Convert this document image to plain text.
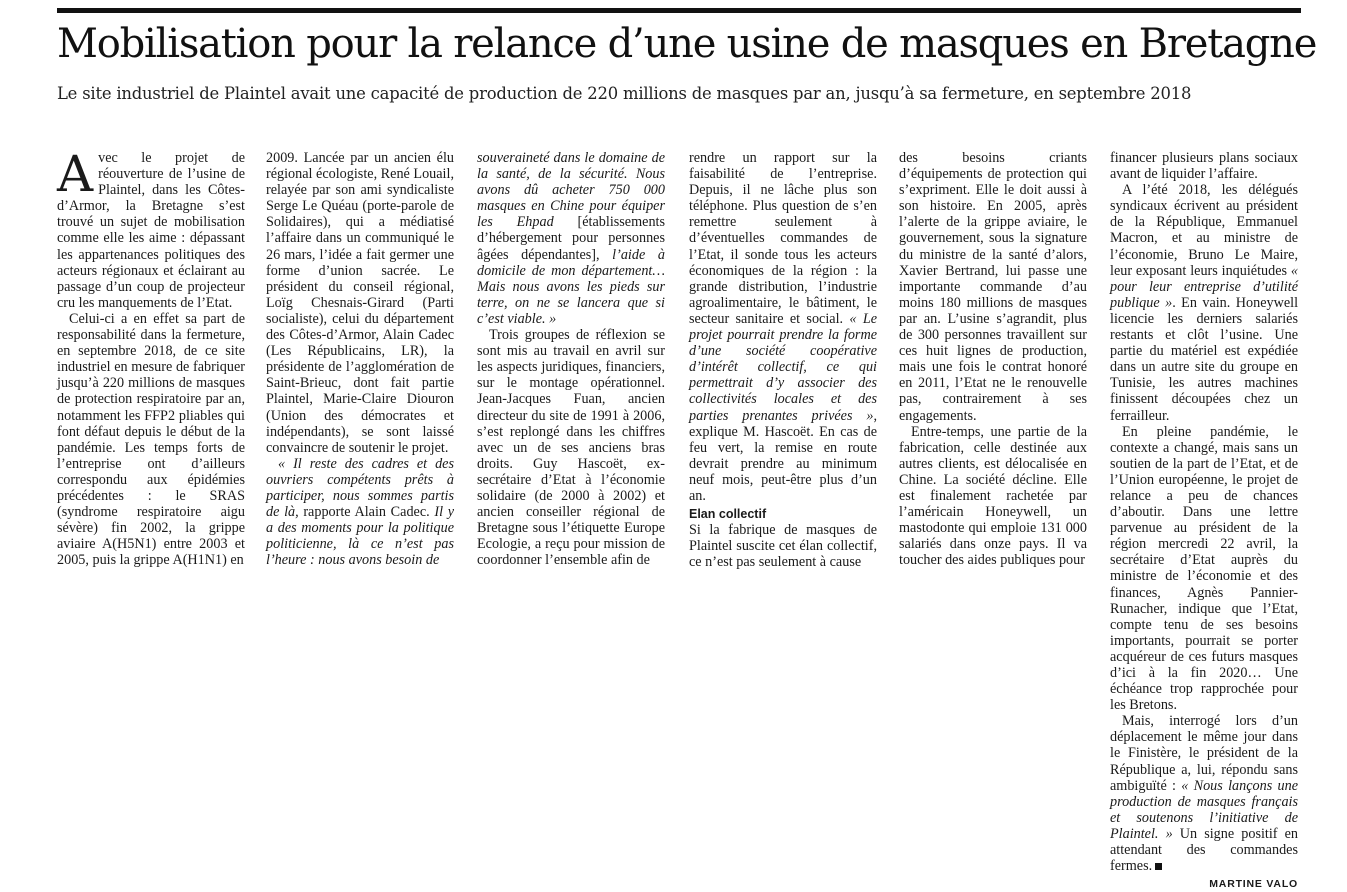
Mobilisation pour la relance d’une usine de masques en Bretagne

Le site industriel de Plaintel avait une capacité de production de 220 millions de masques par an, jusqu’à sa fermeture, en septembre 2018

Avec le projet de réouverture de l’usine de Plaintel, dans les Côtes-d’Armor, la Bretagne s’est trouvé un sujet de mobilisation comme elle les aime : dépassant les appartenances politiques des acteurs régionaux et éclairant au passage d’un coup de projecteur cru les manquements de l’Etat.

Celui-ci a en effet sa part de responsabilité dans la fermeture, en septembre 2018, de ce site industriel en mesure de fabriquer jusqu’à 220 millions de masques de protection respiratoire par an, notamment les FFP2 pliables qui font défaut depuis le début de la pandémie. Les temps forts de l’entreprise ont d’ailleurs correspondu aux épidémies précédentes : le SRAS (syndrome respiratoire aigu sévère) fin 2002, la grippe aviaire A(H5N1) entre 2003 et 2005, puis la grippe A(H1N1) en

2009. Lancée par un ancien élu régional écologiste, René Louail, relayée par son ami syndicaliste Serge Le Quéau (porte-parole de Solidaires), qui a médiatisé l’affaire dans un communiqué le 26 mars, l’idée a fait germer une forme d’union sacrée. Le président du conseil régional, Loïg Chesnais-Girard (Parti socialiste), celui du département des Côtes-d’Armor, Alain Cadec (Les Républicains, LR), la présidente de l’agglomération de Saint-Brieuc, dont fait partie Plaintel, Marie-Claire Diouron (Union des démocrates et indépendants), se sont laissé convaincre de soutenir le projet.

« Il reste des cadres et des ouvriers compétents prêts à participer, nous sommes partis de là, rapporte Alain Cadec. Il y a des moments pour la politique politicienne, là ce n’est pas l’heure : nous avons besoin de

souveraineté dans le domaine de la santé, de la sécurité. Nous avons dû acheter 750 000 masques en Chine pour équiper les Ehpad [établissements d’hébergement pour personnes âgées dépendantes], l’aide à domicile de mon département… Mais nous avons les pieds sur terre, on ne se lancera que si c’est viable. »

Trois groupes de réflexion se sont mis au travail en avril sur les aspects juridiques, financiers, sur le montage opérationnel. Jean-Jacques Fuan, ancien directeur du site de 1991 à 2006, s’est replongé dans les chiffres avec un de ses anciens bras droits. Guy Hascoët, ex-secrétaire d’Etat à l’économie solidaire (de 2000 à 2002) et ancien conseiller régional de Bretagne sous l’étiquette Europe Ecologie, a reçu pour mission de coordonner l’ensemble afin de

rendre un rapport sur la faisabilité de l’entreprise. Depuis, il ne lâche plus son téléphone. Plus question de s’en remettre seulement à d’éventuelles commandes de l’Etat, il sonde tous les acteurs économiques de la région : la grande distribution, l’industrie agroalimentaire, le bâtiment, le secteur sanitaire et social. « Le projet pourrait prendre la forme d’une société coopérative d’intérêt collectif, ce qui permettrait d’y associer des collectivités locales et des parties prenantes privées », explique M. Hascoët. En cas de feu vert, la remise en route devrait prendre au minimum neuf mois, peut-être plus d’un an.

Elan collectif

Si la fabrique de masques de Plaintel suscite cet élan collectif, ce n’est pas seulement à cause

des besoins criants d’équipements de protection qui s’expriment. Elle le doit aussi à son histoire. En 2005, après l’alerte de la grippe aviaire, le gouvernement, sous la signature du ministre de la santé d’alors, Xavier Bertrand, lui passe une importante commande d’au moins 180 millions de masques par an. L’usine s’agrandit, plus de 300 personnes travaillent sur ces huit lignes de production, mais une fois le contrat honoré en 2011, l’Etat ne le renouvelle pas, contrairement à ses engagements.

Entre-temps, une partie de la fabrication, celle destinée aux autres clients, est délocalisée en Chine. La société décline. Elle est finalement rachetée par l’américain Honeywell, un mastodonte qui emploie 131 000 salariés dans onze pays. Il va toucher des aides publiques pour

financer plusieurs plans sociaux avant de liquider l’affaire.

A l’été 2018, les délégués syndicaux écrivent au président de la République, Emmanuel Macron, et au ministre de l’économie, Bruno Le Maire, leur exposant leurs inquiétudes « pour leur entreprise d’utilité publique ». En vain. Honeywell licencie les derniers salariés restants et clôt l’usine. Une partie du matériel est expédiée dans un autre site du groupe en Tunisie, les autres machines finissent découpées chez un ferrailleur.

En pleine pandémie, le contexte a changé, mais sans un soutien de la part de l’Etat, et de l’Union européenne, le projet de relance a peu de chances d’aboutir. Dans une lettre parvenue au président de la région mercredi 22 avril, la secrétaire d’Etat auprès du ministre de l’économie et des finances, Agnès Pannier-Runacher, indique que l’Etat, compte tenu de ses besoins importants, pourrait se porter acquéreur de ces futurs masques d’ici à la fin 2020… Une échéance trop rapprochée pour les Bretons.

Mais, interrogé lors d’un déplacement le même jour dans le Finistère, le président de la République a, lui, répondu sans ambiguïté : « Nous lançons une production de masques français et soutenons l’initiative de Plaintel. » Un signe positif en attendant des commandes fermes.

MARTINE VALO
